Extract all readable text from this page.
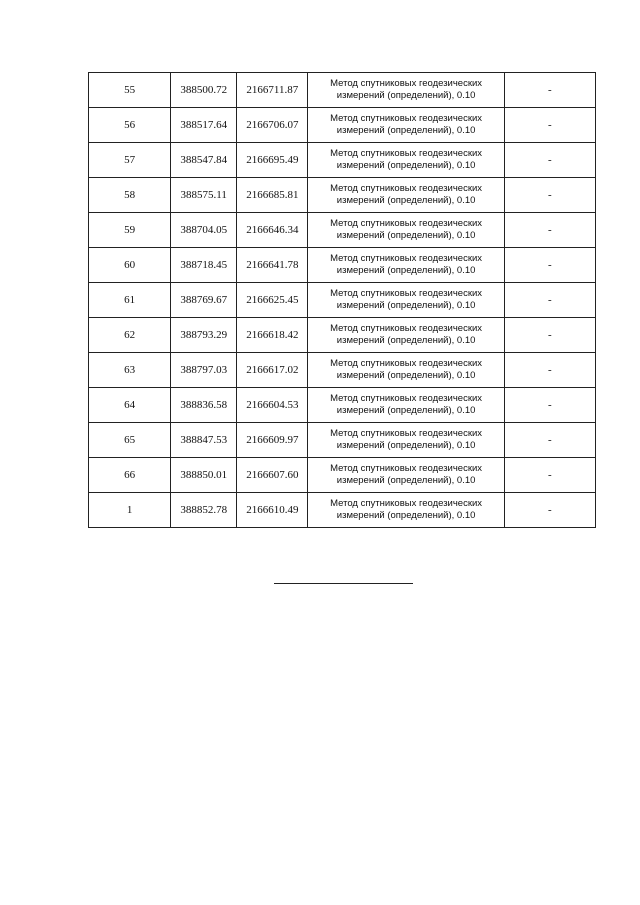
55	388500.72	2166711.87	Метод спутниковых геодезических измерений (определений), 0.10	-
56	388517.64	2166706.07	Метод спутниковых геодезических измерений (определений), 0.10	-
57	388547.84	2166695.49	Метод спутниковых геодезических измерений (определений), 0.10	-
58	388575.11	2166685.81	Метод спутниковых геодезических измерений (определений), 0.10	-
59	388704.05	2166646.34	Метод спутниковых геодезических измерений (определений), 0.10	-
60	388718.45	2166641.78	Метод спутниковых геодезических измерений (определений), 0.10	-
61	388769.67	2166625.45	Метод спутниковых геодезических измерений (определений), 0.10	-
62	388793.29	2166618.42	Метод спутниковых геодезических измерений (определений), 0.10	-
63	388797.03	2166617.02	Метод спутниковых геодезических измерений (определений), 0.10	-
64	388836.58	2166604.53	Метод спутниковых геодезических измерений (определений), 0.10	-
65	388847.53	2166609.97	Метод спутниковых геодезических измерений (определений), 0.10	-
66	388850.01	2166607.60	Метод спутниковых геодезических измерений (определений), 0.10	-
1	388852.78	2166610.49	Метод спутниковых геодезических измерений (определений), 0.10	-
